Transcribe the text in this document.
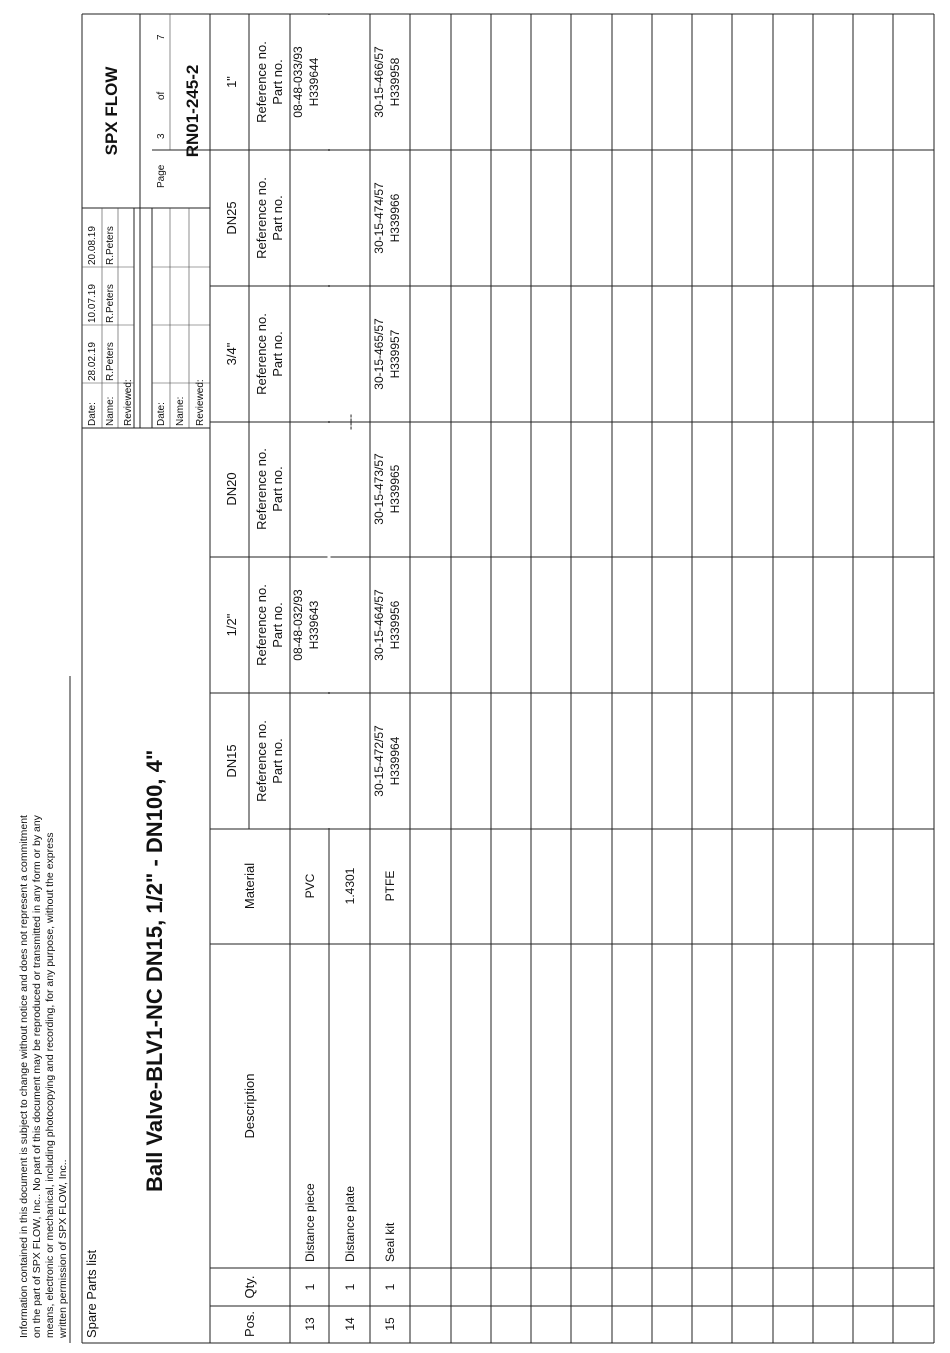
Information contained in this document is subject to change without notice and does not represent a commitment on the part of SPX FLOW, Inc.. No part of this document may be reproduced or transmitted in any form or by any means, electronic or mechanical, including photocopying and recording, for any purpose, without the express written permission of SPX FLOW, Inc.. Spare Parts list
Ball Valve-BLV1-NC DN15, 1/2" - DN100, 4"
Date: Name: Reviewed:
28.02.19 R.Peters
10.07.19 R.Peters
20.08.19 R.Peters
Date: Name: Reviewed:
SPX FLOW
Page
3
of
7
RN01-245-2
Pos.
Qty.
Description
Material
DN15 Reference no. Part no.
1/2" Reference no. Part no.
DN20 Reference no. Part no.
3/4" Reference no. Part no.
DN25 Reference no. Part no.
1" Reference no. Part no.
13
1
Distance piece
PVC
14
1
Distance plate
1.4301
15
1
Seal kit
PTFE
30-15-472/57 H339964
30-15-464/57 H339956
30-15-473/57 H339965
30-15-465/57 H339957
30-15-474/57 H339966
30-15-466/57 H339958
08-48-032/93 H339643
08-48-033/93 H339644
----
